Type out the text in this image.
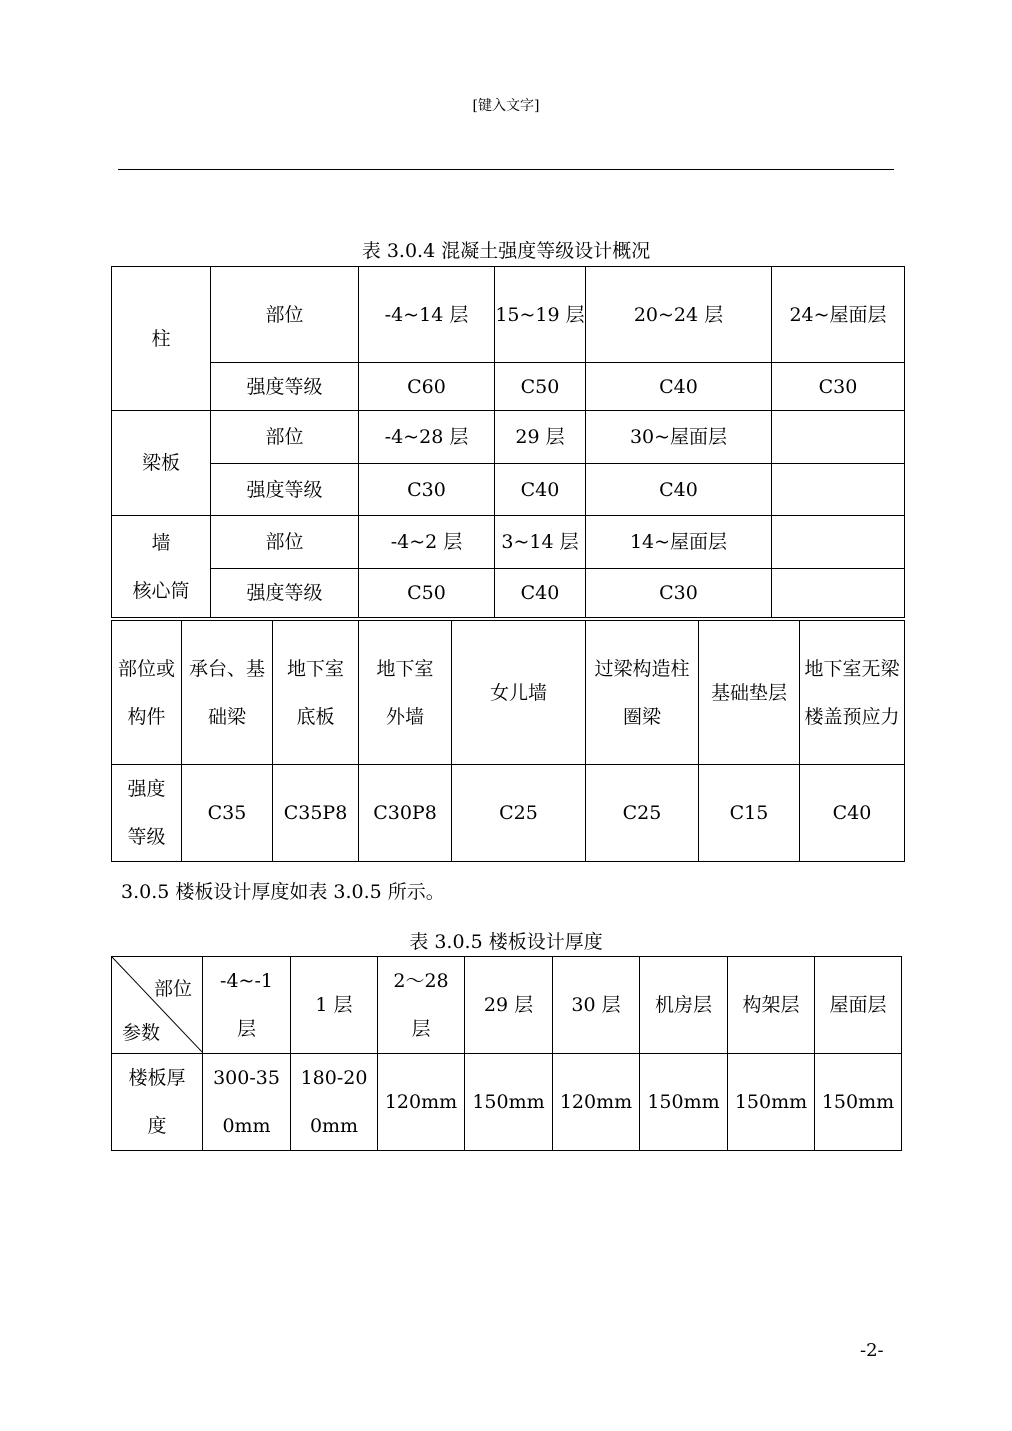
[键入文字]
表 3.0.4 混凝土强度等级设计概况
柱	部位	-4~14 层	15~19 层	20~24 层	24~屋面层
	强度等级	C60	C50	C40	C30
梁板	部位	-4~28 层	29 层	30~屋面层	
	强度等级	C30	C40	C40	

墙
核心筒	部位	-4~2 层	3~14 层	14~屋面层	
	强度等级	C50	C40	C30	
部位或构件	承台、基础梁	地下室底板	地下室外墙	女儿墙	过梁构造柱圈梁	基础垫层	地下室无梁楼盖预应力
强度等级	C35	C35P8	C30P8	C25	C25	C15	C40
3.0.5 楼板设计厚度如表 3.0.5 所示。
表 3.0.5 楼板设计厚度
部位
参数	-4~-1 层	1 层	2～28 层	29 层	30 层	机房层	构架层	屋面层
楼板厚度	300-350mm	180-200mm	120mm	150mm	120mm	150mm	150mm	150mm
-2-
